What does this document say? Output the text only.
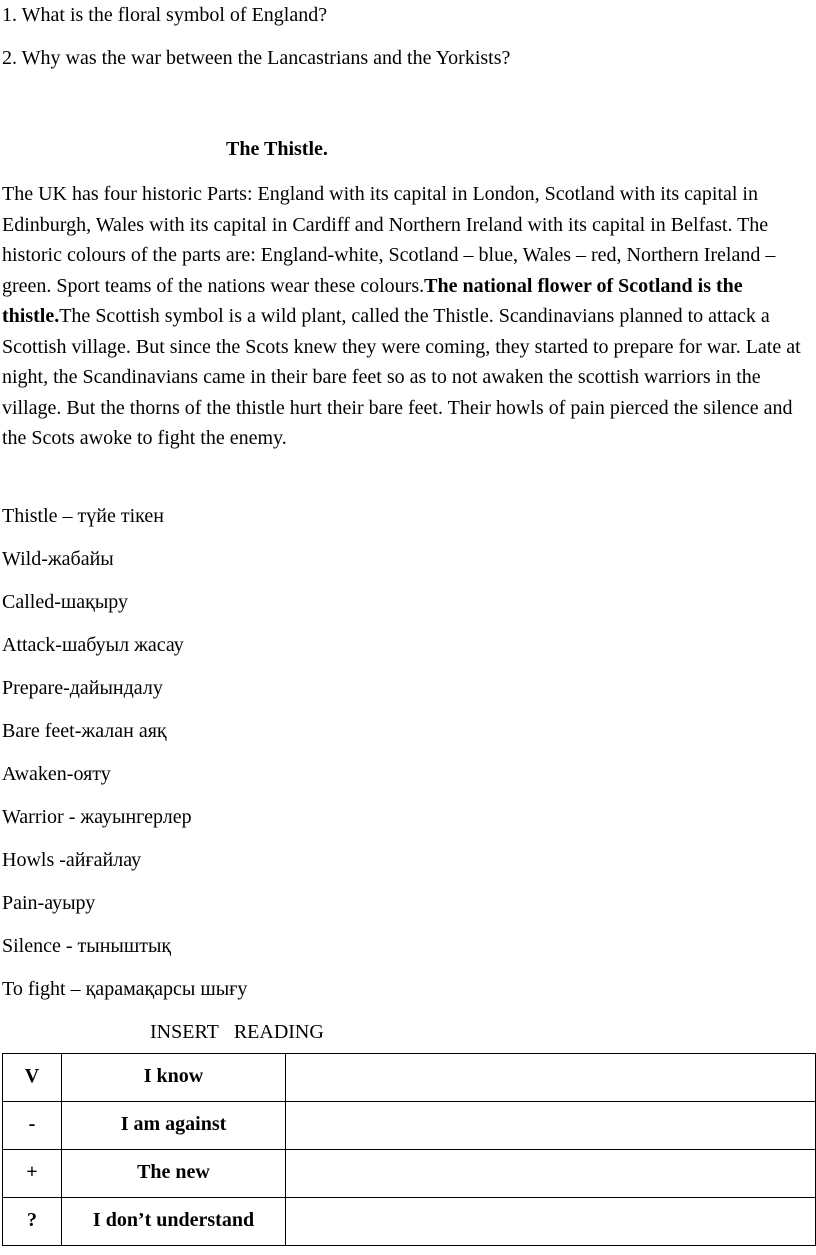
1. What is the floral symbol of England?
2. Why was the war between the Lancastrians and the Yorkists?
The Thistle.
The UK has four historic Parts: England with its capital in London, Scotland with its capital in Edinburgh, Wales with its capital in Cardiff and Northern Ireland with its capital in Belfast. The historic colours of the parts are: England-white, Scotland – blue, Wales – red, Northern Ireland – green. Sport teams of the nations wear these colours.The national flower of Scotland is the thistle.The Scottish symbol is a wild plant, called the Thistle. Scandinavians planned to attack a Scottish village. But since the Scots knew they were coming, they started to prepare for war. Late at night, the Scandinavians came in their bare feet so as to not awaken the scottish warriors in the village. But the thorns of the thistle hurt their bare feet. Their howls of pain pierced the silence and the Scots awoke to fight the enemy.
Thistle – түйе тікен
Wild-жабайы
Called-шақыру
Attack-шабуыл жасау
Prepare-дайындалу
Bare feet-жалан аяқ
Awaken-ояту
Warrior - жауынгерлер
Howls -айғайлау
Pain-ауыру
Silence - тыныштық
To fight – қарамақарсы шығу
INSERT READING
V	I know	

-	I am against	

+	The new	

?	I don’t understand	
